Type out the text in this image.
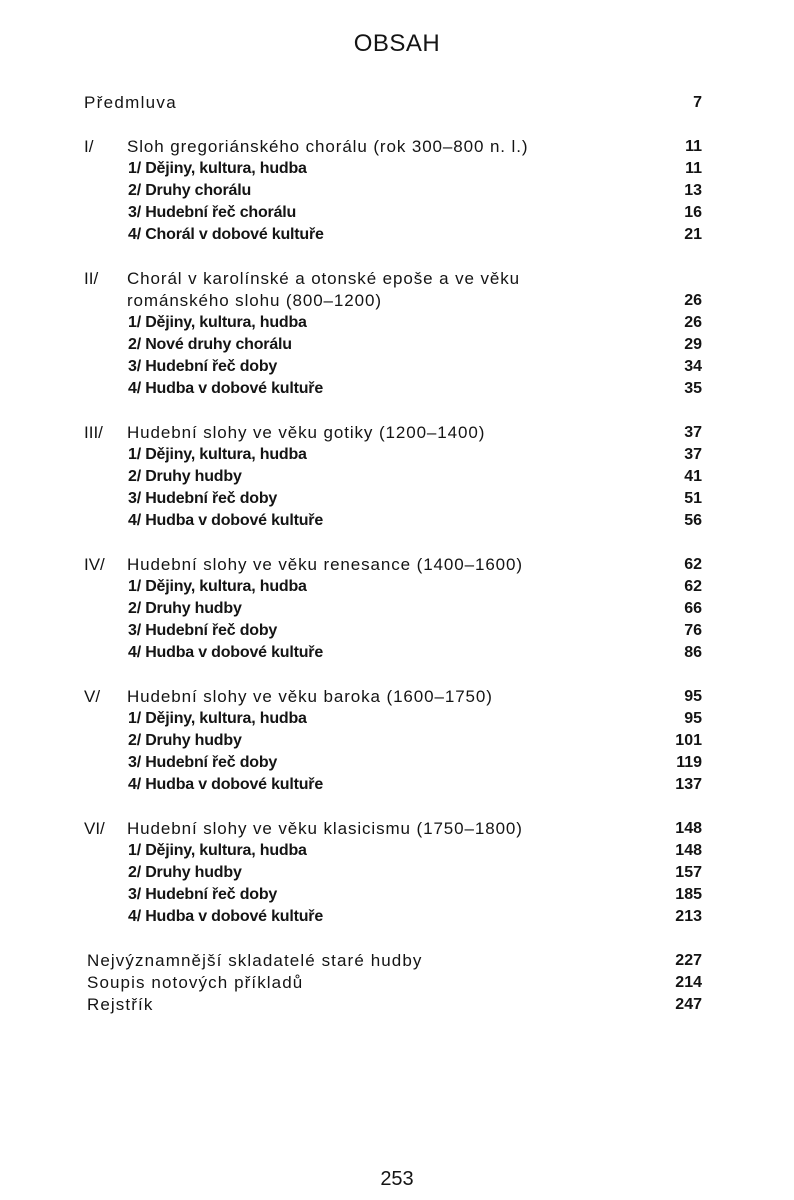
OBSAH
Předmluva	7
I/ Sloh gregoriánského chorálu (rok 300–800 n. l.)	11
1/ Dějiny, kultura, hudba	11
2/ Druhy chorálu	13
3/ Hudební řeč chorálu	16
4/ Chorál v dobové kultuře	21
II/ Chorál v karolínské a otonské epoše a ve věku
románského slohu (800–1200)	26
1/ Dějiny, kultura, hudba	26
2/ Nové druhy chorálu	29
3/ Hudební řeč doby	34
4/ Hudba v dobové kultuře	35
III/ Hudební slohy ve věku gotiky (1200–1400)	37
1/ Dějiny, kultura, hudba	37
2/ Druhy hudby	41
3/ Hudební řeč doby	51
4/ Hudba v dobové kultuře	56
IV/ Hudební slohy ve věku renesance (1400–1600)	62
1/ Dějiny, kultura, hudba	62
2/ Druhy hudby	66
3/ Hudební řeč doby	76
4/ Hudba v dobové kultuře	86
V/ Hudební slohy ve věku baroka (1600–1750)	95
1/ Dějiny, kultura, hudba	95
2/ Druhy hudby	101
3/ Hudební řeč doby	119
4/ Hudba v dobové kultuře	137
VI/ Hudební slohy ve věku klasicismu (1750–1800)	148
1/ Dějiny, kultura, hudba	148
2/ Druhy hudby	157
3/ Hudební řeč doby	185
4/ Hudba v dobové kultuře	213
Nejvýznamnější skladatelé staré hudby	227
Soupis notových příkladů	214
Rejstřík	247
253
